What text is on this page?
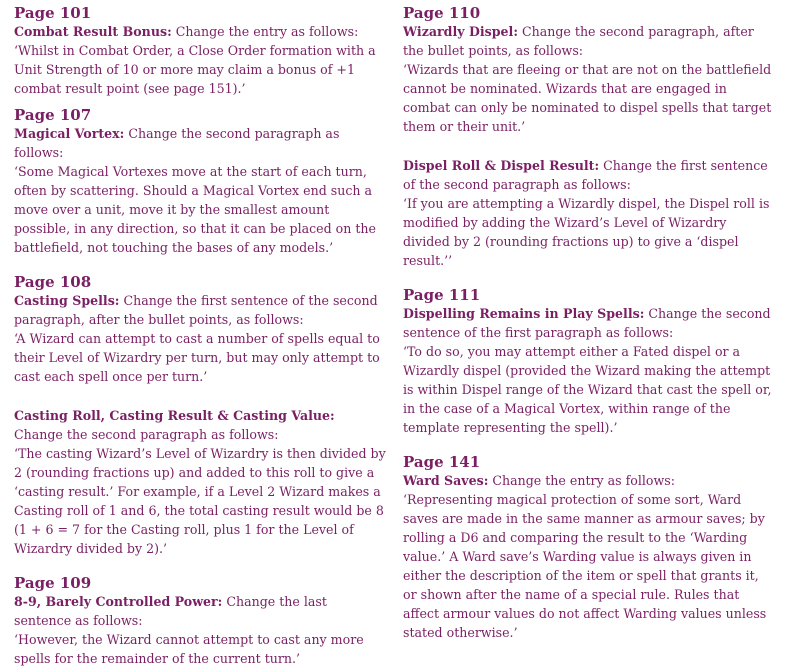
Page 101

Combat Result Bonus: Change the entry as follows:

‘Whilst in Combat Order, a Close Order formation with a Unit Strength of 10 or more may claim a bonus of +1 combat result point (see page 151).’

Page 107

Magical Vortex: Change the second paragraph as follows:

‘Some Magical Vortexes move at the start of each turn, often by scattering. Should a Magical Vortex end such a move over a unit, move it by the smallest amount possible, in any direction, so that it can be placed on the battlefield, not touching the bases of any models.’

Page 108

Casting Spells: Change the first sentence of the second paragraph, after the bullet points, as follows:

‘A Wizard can attempt to cast a number of spells equal to their Level of Wizardry per turn, but may only attempt to cast each spell once per turn.’

Casting Roll, Casting Result & Casting Value: Change the second paragraph as follows:

‘The casting Wizard’s Level of Wizardry is then divided by 2 (rounding fractions up) and added to this roll to give a ‘casting result.’ For example, if a Level 2 Wizard makes a Casting roll of 1 and 6, the total casting result would be 8 (1 + 6 = 7 for the Casting roll, plus 1 for the Level of Wizardry divided by 2).’

Page 109

8-9, Barely Controlled Power: Change the last sentence as follows:

‘However, the Wizard cannot attempt to cast any more spells for the remainder of the current turn.’

Page 110

Wizardly Dispel: Change the second paragraph, after the bullet points, as follows:

‘Wizards that are fleeing or that are not on the battlefield cannot be nominated. Wizards that are engaged in combat can only be nominated to dispel spells that target them or their unit.’

Dispel Roll & Dispel Result: Change the first sentence of the second paragraph as follows:

‘If you are attempting a Wizardly dispel, the Dispel roll is modified by adding the Wizard’s Level of Wizardry divided by 2 (rounding fractions up) to give a ‘dispel result.’’

Page 111

Dispelling Remains in Play Spells: Change the second sentence of the first paragraph as follows:

‘To do so, you may attempt either a Fated dispel or a Wizardly dispel (provided the Wizard making the attempt is within Dispel range of the Wizard that cast the spell or, in the case of a Magical Vortex, within range of the template representing the spell).’

Page 141

Ward Saves: Change the entry as follows:

‘Representing magical protection of some sort, Ward saves are made in the same manner as armour saves; by rolling a D6 and comparing the result to the ‘Warding value.’ A Ward save’s Warding value is always given in either the description of the item or spell that grants it, or shown after the name of a special rule. Rules that affect armour values do not affect Warding values unless stated otherwise.’
